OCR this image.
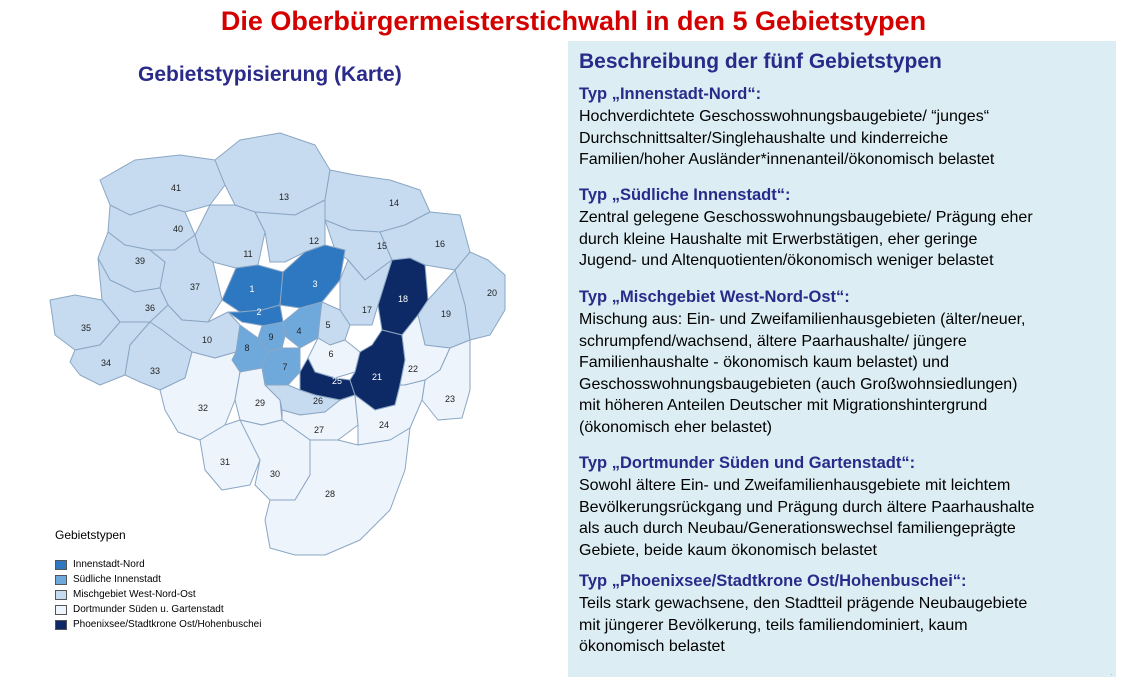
Die Oberbürgermeisterstichwahl in den 5 Gebietstypen
Gebietstypisierung (Karte)
41
13
14
40
11
12	15	16
39
37	1	3
18
20
36	2	17	19
35
10	9
4
5
8
6
34
33	7
25	21
22
23
32	29	26
27	24
31
30
28
Gebietstypen
Innenstadt-Nord
Südliche Innenstadt
Mischgebiet West-Nord-Ost
Dortmunder Süden u. Gartenstadt
Phoenixsee/Stadtkrone Ost/Hohenbuschei
Beschreibung der fünf Gebietstypen
Typ „Innenstadt-Nord“:
Hochverdichtete Geschosswohnungsbaugebiete/ “junges“
Durchschnittsalter/Singlehaushalte und kinderreiche
Familien/hoher Ausländer*innenanteil/ökonomisch belastet
Typ „Südliche Innenstadt“:
Zentral gelegene Geschosswohnungsbaugebiete/ Prägung eher
durch kleine Haushalte mit Erwerbstätigen, eher geringe
Jugend- und Altenquotienten/ökonomisch weniger belastet
Typ „Mischgebiet West-Nord-Ost“:
Mischung aus: Ein- und Zweifamilienhausgebieten (älter/neuer,
schrumpfend/wachsend, ältere Paarhaushalte/ jüngere
Familienhaushalte - ökonomisch kaum belastet) und
Geschosswohnungsbaugebieten (auch Großwohnsiedlungen)
mit höheren Anteilen Deutscher mit Migrationshintergrund
(ökonomisch eher belastet)
Typ „Dortmunder Süden und Gartenstadt“:
Sowohl ältere Ein- und Zweifamilienhausgebiete mit leichtem
Bevölkerungsrückgang und Prägung durch ältere Paarhaushalte
als auch durch Neubau/Generationswechsel familiengeprägte
Gebiete, beide kaum ökonomisch belastet
Typ „Phoenixsee/Stadtkrone Ost/Hohenbuschei“:
Teils stark gewachsene, den Stadtteil prägende Neubaugebiete
mit jüngerer Bevölkerung, teils familiendominiert, kaum
ökonomisch belastet
·
